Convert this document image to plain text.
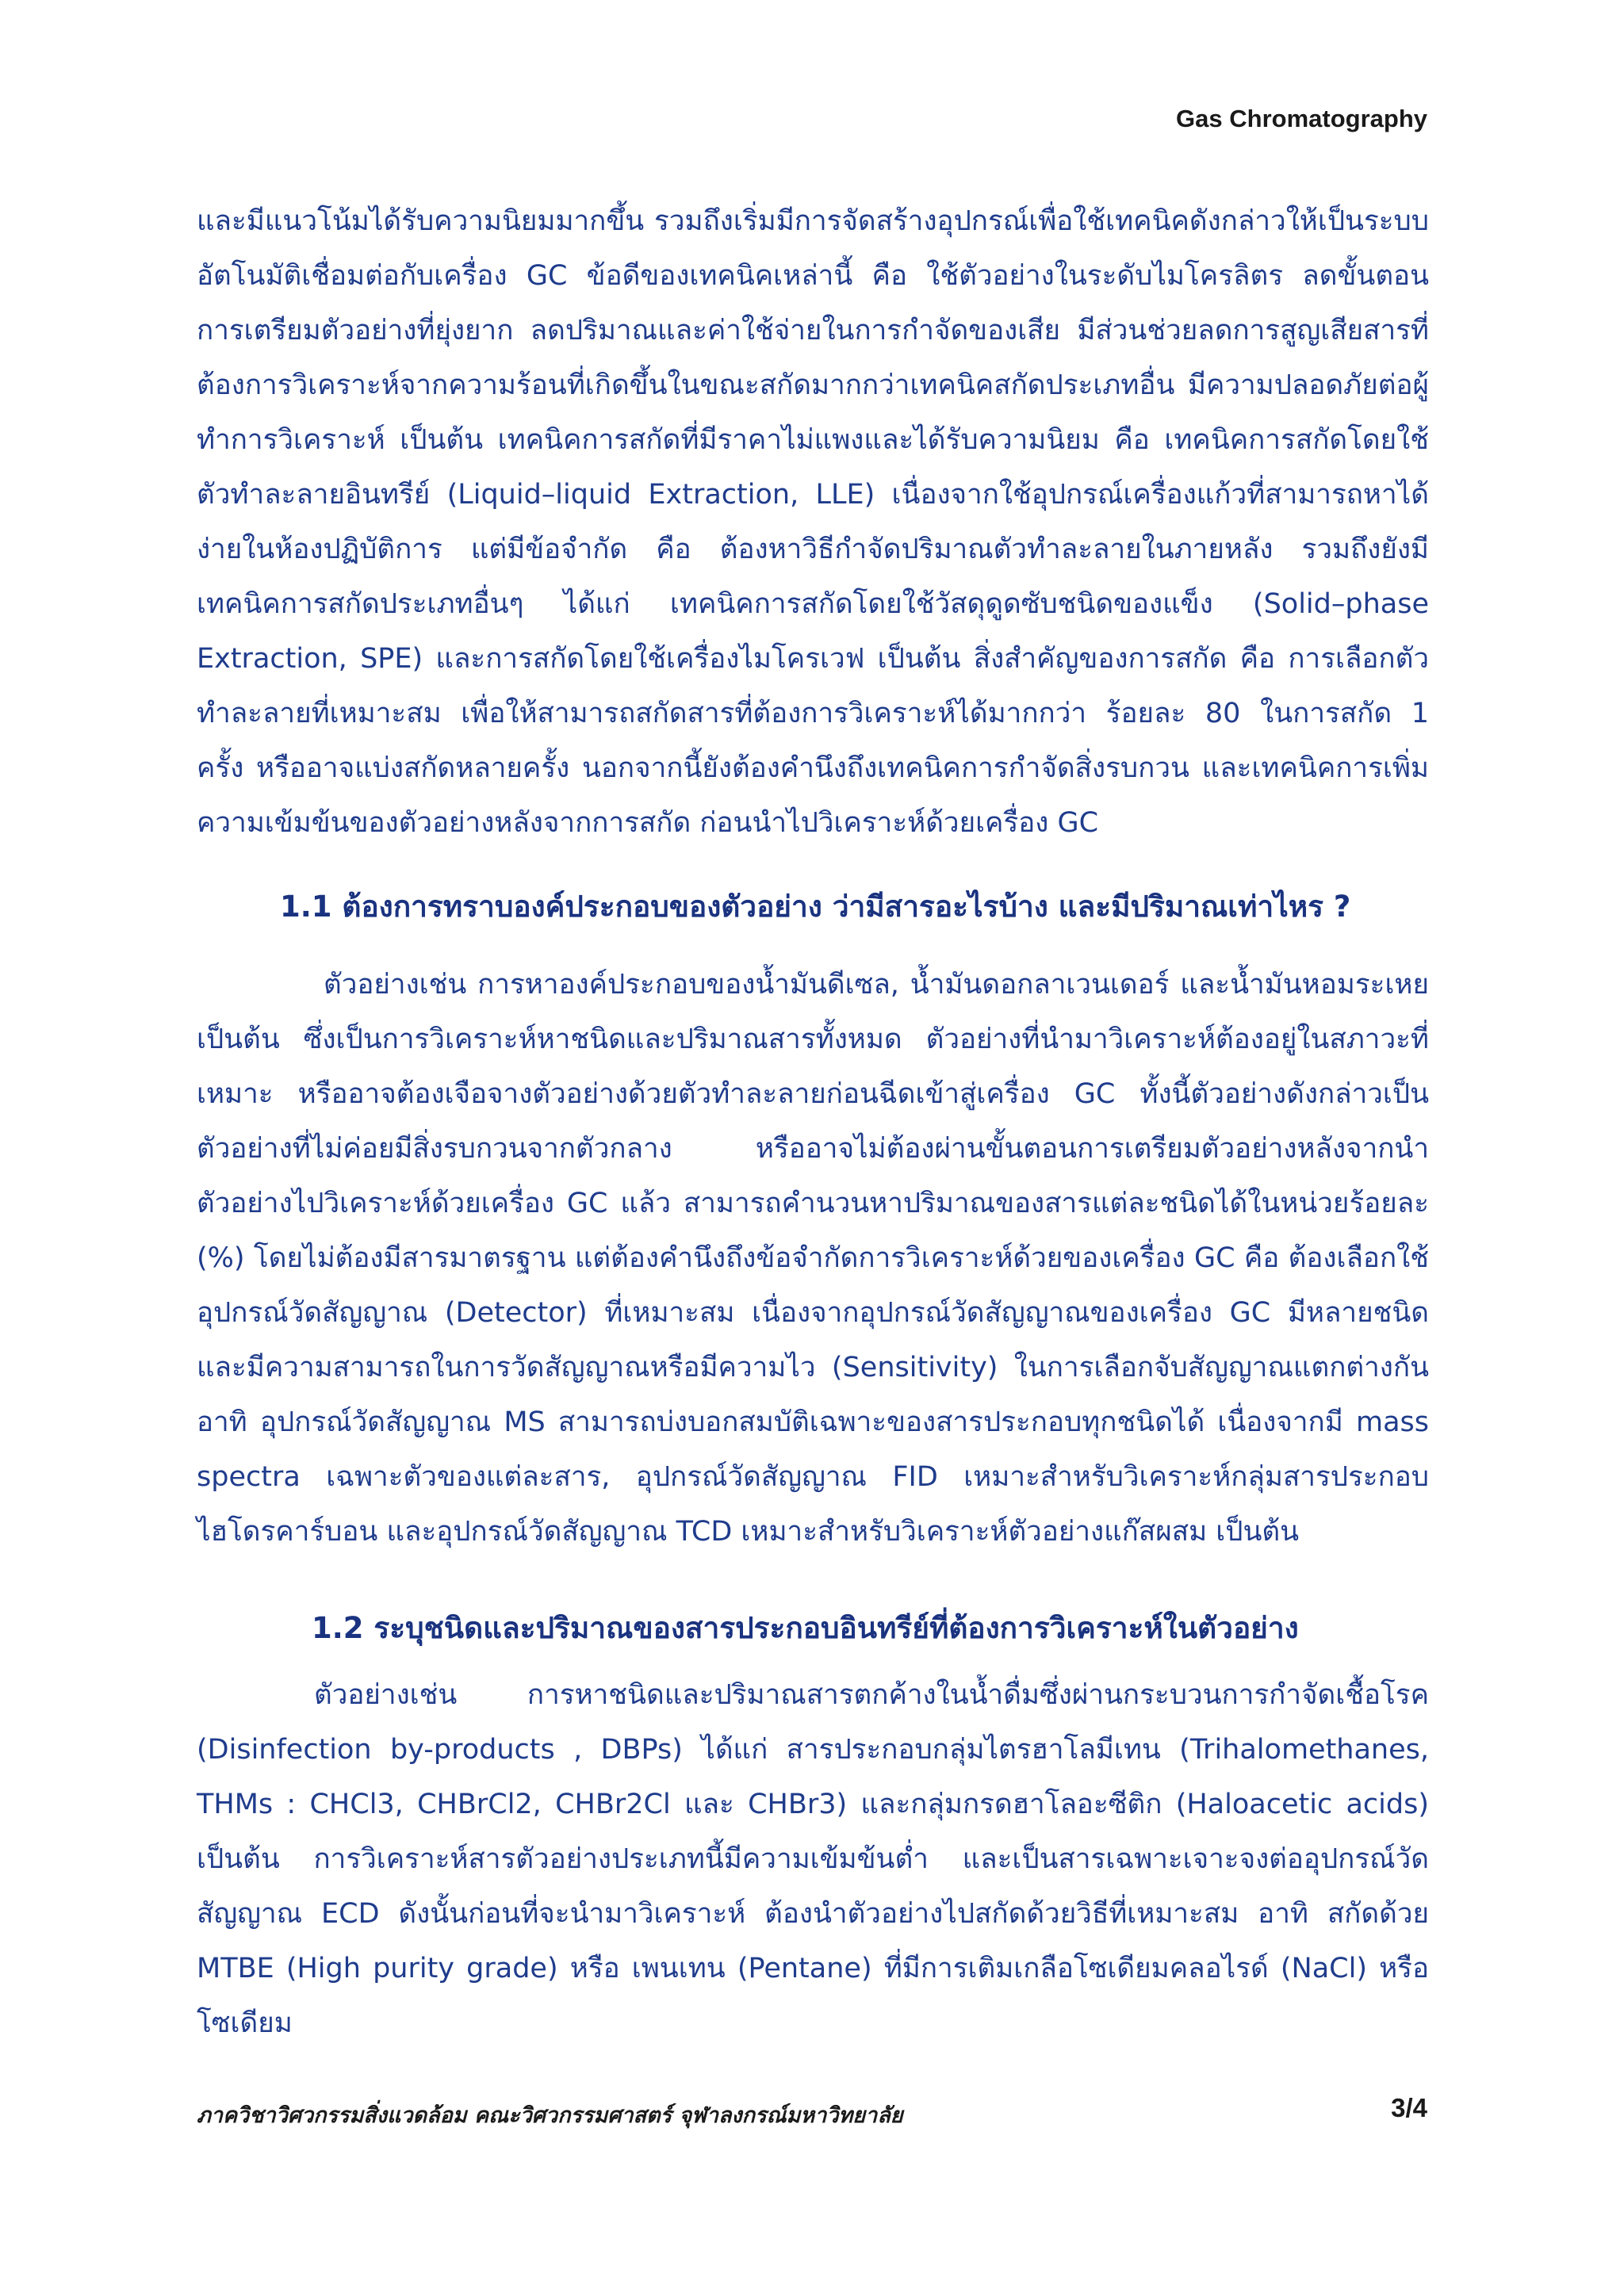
Gas Chromatography

และมีแนวโน้มได้รับความนิยมมากขึ้น รวมถึงเริ่มมีการจัดสร้างอุปกรณ์เพื่อใช้เทคนิคดังกล่าวให้เป็นระบบอัตโนมัติเชื่อมต่อกับเครื่อง GC ข้อดีของเทคนิคเหล่านี้ คือ ใช้ตัวอย่างในระดับไมโครลิตร ลดขั้นตอนการเตรียมตัวอย่างที่ยุ่งยาก ลดปริมาณและค่าใช้จ่ายในการกำจัดของเสีย มีส่วนช่วยลดการสูญเสียสารที่ต้องการวิเคราะห์จากความร้อนที่เกิดขึ้นในขณะสกัดมากกว่าเทคนิคสกัดประเภทอื่น มีความปลอดภัยต่อผู้ทำการวิเคราะห์ เป็นต้น เทคนิคการสกัดที่มีราคาไม่แพงและได้รับความนิยม คือ เทคนิคการสกัดโดยใช้ตัวทำละลายอินทรีย์ (Liquid–liquid Extraction, LLE) เนื่องจากใช้อุปกรณ์เครื่องแก้วที่สามารถหาได้ง่ายในห้องปฏิบัติการ แต่มีข้อจำกัด คือ ต้องหาวิธีกำจัดปริมาณตัวทำละลายในภายหลัง รวมถึงยังมีเทคนิคการสกัดประเภทอื่นๆ ได้แก่ เทคนิคการสกัดโดยใช้วัสดุดูดซับชนิดของแข็ง (Solid–phase Extraction, SPE) และการสกัดโดยใช้เครื่องไมโครเวฟ เป็นต้น สิ่งสำคัญของการสกัด คือ การเลือกตัวทำละลายที่เหมาะสม เพื่อให้สามารถสกัดสารที่ต้องการวิเคราะห์ได้มากกว่า ร้อยละ 80 ในการสกัด 1 ครั้ง หรืออาจแบ่งสกัดหลายครั้ง นอกจากนี้ยังต้องคำนึงถึงเทคนิคการกำจัดสิ่งรบกวน และเทคนิคการเพิ่มความเข้มข้นของตัวอย่างหลังจากการสกัด ก่อนนำไปวิเคราะห์ด้วยเครื่อง GC

1.1 ต้องการทราบองค์ประกอบของตัวอย่าง ว่ามีสารอะไรบ้าง และมีปริมาณเท่าไหร ?

ตัวอย่างเช่น การหาองค์ประกอบของน้ำมันดีเซล, น้ำมันดอกลาเวนเดอร์ และน้ำมันหอมระเหย เป็นต้น ซึ่งเป็นการวิเคราะห์หาชนิดและปริมาณสารทั้งหมด ตัวอย่างที่นำมาวิเคราะห์ต้องอยู่ในสภาวะที่เหมาะ หรืออาจต้องเจือจางตัวอย่างด้วยตัวทำละลายก่อนฉีดเข้าสู่เครื่อง GC ทั้งนี้ตัวอย่างดังกล่าวเป็นตัวอย่างที่ไม่ค่อยมีสิ่งรบกวนจากตัวกลาง หรืออาจไม่ต้องผ่านขั้นตอนการเตรียมตัวอย่างหลังจากนำตัวอย่างไปวิเคราะห์ด้วยเครื่อง GC แล้ว สามารถคำนวนหาปริมาณของสารแต่ละชนิดได้ในหน่วยร้อยละ (%) โดยไม่ต้องมีสารมาตรฐาน แต่ต้องคำนึงถึงข้อจำกัดการวิเคราะห์ด้วยของเครื่อง GC คือ ต้องเลือกใช้อุปกรณ์วัดสัญญาณ (Detector) ที่เหมาะสม เนื่องจากอุปกรณ์วัดสัญญาณของเครื่อง GC มีหลายชนิด และมีความสามารถในการวัดสัญญาณหรือมีความไว (Sensitivity) ในการเลือกจับสัญญาณแตกต่างกัน อาทิ อุปกรณ์วัดสัญญาณ MS สามารถบ่งบอกสมบัติเฉพาะของสารประกอบทุกชนิดได้ เนื่องจากมี mass spectra เฉพาะตัวของแต่ละสาร, อุปกรณ์วัดสัญญาณ FID เหมาะสำหรับวิเคราะห์กลุ่มสารประกอบไฮโดรคาร์บอน และอุปกรณ์วัดสัญญาณ TCD เหมาะสำหรับวิเคราะห์ตัวอย่างแก๊สผสม เป็นต้น

1.2 ระบุชนิดและปริมาณของสารประกอบอินทรีย์ที่ต้องการวิเคราะห์ในตัวอย่าง

ตัวอย่างเช่น การหาชนิดและปริมาณสารตกค้างในน้ำดื่มซึ่งผ่านกระบวนการกำจัดเชื้อโรค (Disinfection by-products , DBPs) ได้แก่ สารประกอบกลุ่มไตรฮาโลมีเทน (Trihalomethanes, THMs : CHCl3, CHBrCl2, CHBr2Cl และ CHBr3) และกลุ่มกรดฮาโลอะซีติก (Haloacetic acids) เป็นต้น การวิเคราะห์สารตัวอย่างประเภทนี้มีความเข้มข้นต่ำ และเป็นสารเฉพาะเจาะจงต่ออุปกรณ์วัดสัญญาณ ECD ดังนั้นก่อนที่จะนำมาวิเคราะห์ ต้องนำตัวอย่างไปสกัดด้วยวิธีที่เหมาะสม อาทิ สกัดด้วย MTBE (High purity grade) หรือ เพนเทน (Pentane) ที่มีการเติมเกลือโซเดียมคลอไรด์ (NaCl) หรือ โซเดียม

ภาควิชาวิศวกรรมสิ่งแวดล้อม คณะวิศวกรรมศาสตร์ จุฬาลงกรณ์มหาวิทยาลัย	3/4
